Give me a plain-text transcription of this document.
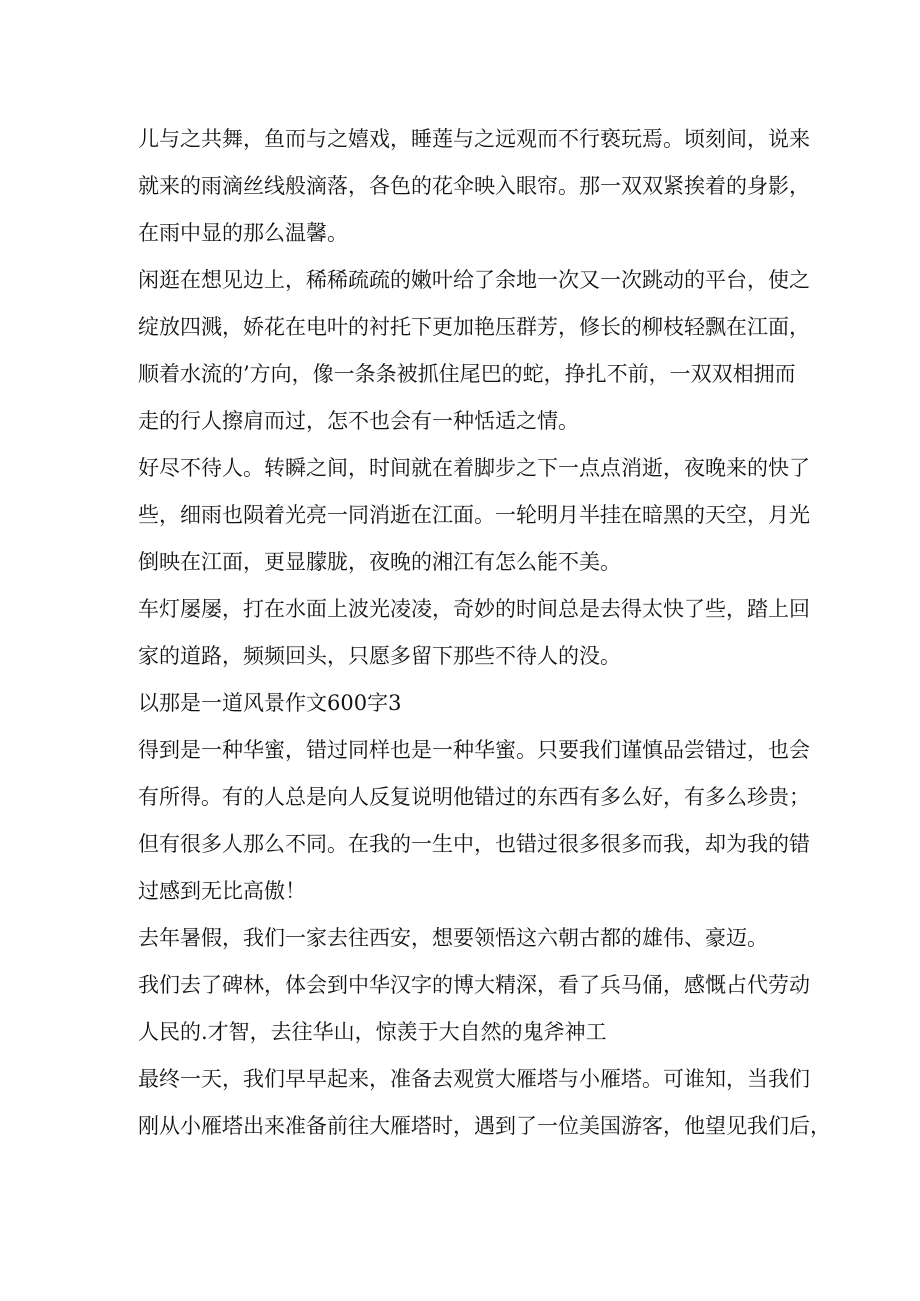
儿与之共舞，鱼而与之嬉戏，睡莲与之远观而不行亵玩焉。顷刻间，说来
就来的雨滴丝线般滴落，各色的花伞映入眼帘。那一双双紧挨着的身影，
在雨中显的那么温馨。
闲逛在想见边上，稀稀疏疏的嫩叶给了余地一次又一次跳动的平台，使之
绽放四溅，娇花在电叶的衬托下更加艳压群芳，修长的柳枝轻飘在江面，
顺着水流的’方向，像一条条被抓住尾巴的蛇，挣扎不前，一双双相拥而
走的行人擦肩而过，怎不也会有一种恬适之情。
好尽不待人。转瞬之间，时间就在着脚步之下一点点消逝，夜晚来的快了
些，细雨也陨着光亮一同消逝在江面。一轮明月半挂在暗黑的天空，月光
倒映在江面，更显朦胧，夜晚的湘江有怎么能不美。
车灯屡屡，打在水面上波光凌凌，奇妙的时间总是去得太快了些，踏上回
家的道路，频频回头，只愿多留下那些不待人的没。
以那是一道风景作文600字3
得到是一种华蜜，错过同样也是一种华蜜。只要我们谨慎品尝错过，也会
有所得。有的人总是向人反复说明他错过的东西有多么好，有多么珍贵；
但有很多人那么不同。在我的一生中，也错过很多很多而我，却为我的错
过感到无比高傲！
去年暑假，我们一家去往西安，想要领悟这六朝古都的雄伟、豪迈。
我们去了碑林，体会到中华汉字的博大精深，看了兵马俑，感慨占代劳动
人民的.才智，去往华山，惊羡于大自然的鬼斧神工
最终一天，我们早早起来，准备去观赏大雁塔与小雁塔。可谁知，当我们
刚从小雁塔出来准备前往大雁塔时，遇到了一位美国游客，他望见我们后，
